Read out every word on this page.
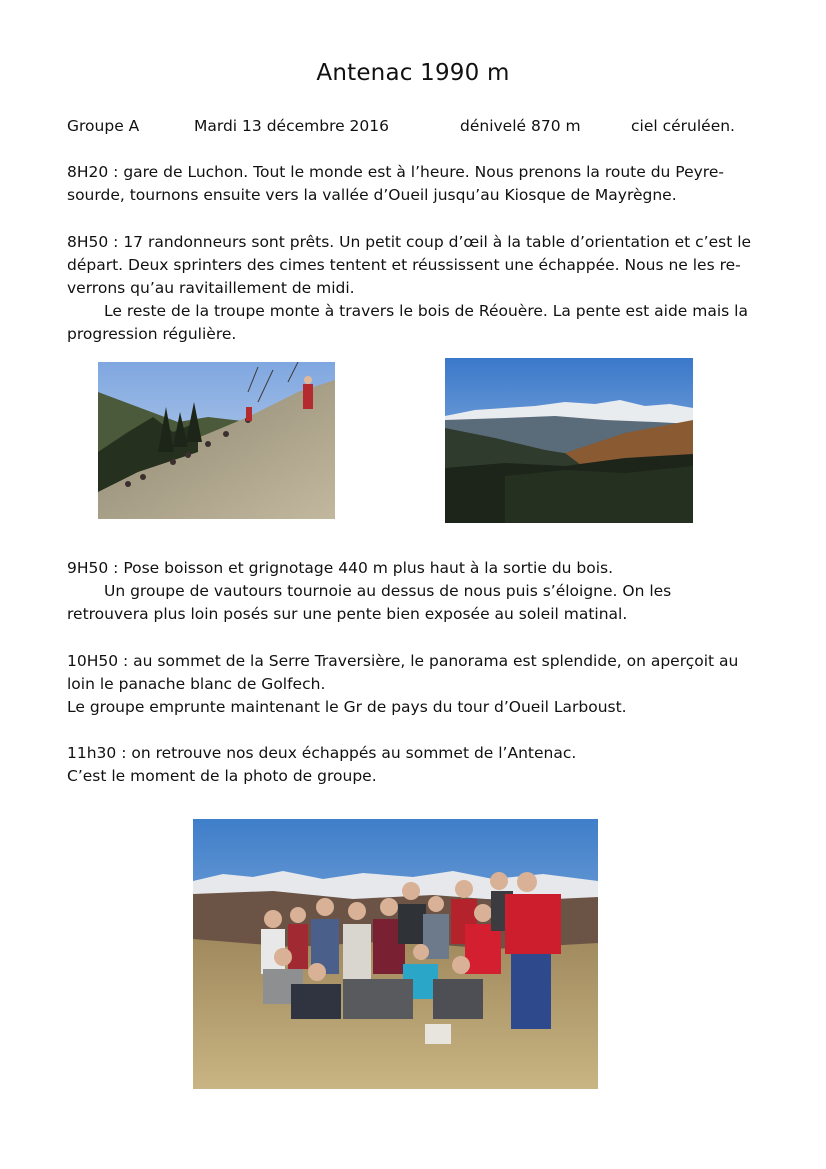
Antenac 1990 m
Groupe A	Mardi 13 décembre 2016	dénivelé 870 m	ciel céruléen.
8H20 : gare de Luchon. Tout le monde est à l’heure. Nous prenons la route du Peyre-sourde, tournons ensuite vers la vallée d’Oueil jusqu’au Kiosque de Mayrègne.
8H50 : 17 randonneurs sont prêts. Un petit coup d’œil à la table d’orientation et c’est le départ. Deux sprinters des cimes tentent et réussissent une échappée. Nous ne les re-verrons qu’au ravitaillement de midi.
Le reste de la troupe monte à travers le bois de Réouère. La pente est aide mais la progression régulière.
9H50 : Pose boisson et grignotage 440 m plus haut à la sortie du bois.
Un groupe de vautours tournoie au dessus de nous puis s’éloigne. On les retrouvera plus loin posés sur une pente bien exposée au soleil matinal.
10H50 : au sommet de la Serre Traversière, le panorama est splendide, on aperçoit au loin le panache blanc de Golfech.
Le groupe emprunte maintenant le Gr de pays du tour d’Oueil Larboust.
11h30 : on retrouve nos deux échappés au sommet de l’Antenac.
C’est le moment de la photo de groupe.
